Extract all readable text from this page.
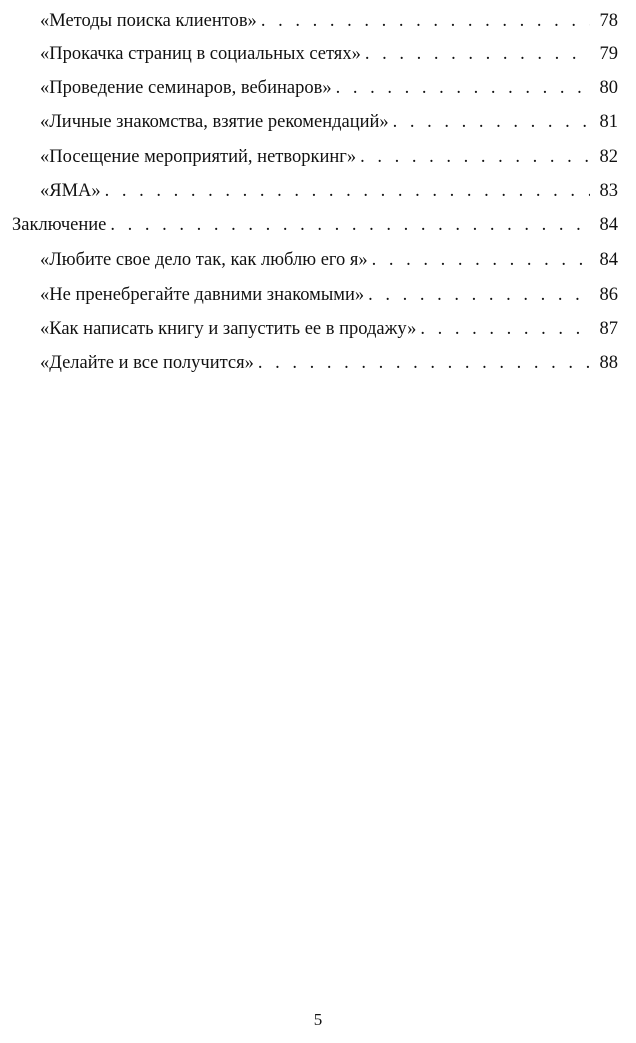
«Методы поиска клиентов» . . .	78
«Прокачка страниц в социальных сетях» . . .	79
«Проведение семинаров, вебинаров» . . .	80
«Личные знакомства, взятие рекомендаций» . . .	81
«Посещение мероприятий, нетворкинг» . . .	82
«ЯМА» . . .	83
Заключение . . .	84
«Любите свое дело так, как люблю его я» . . .	84
«Не пренебрегайте давними знакомыми» . . .	86
«Как написать книгу и запустить ее в продажу» . . .	87
«Делайте и все получится» . . .	88
5
